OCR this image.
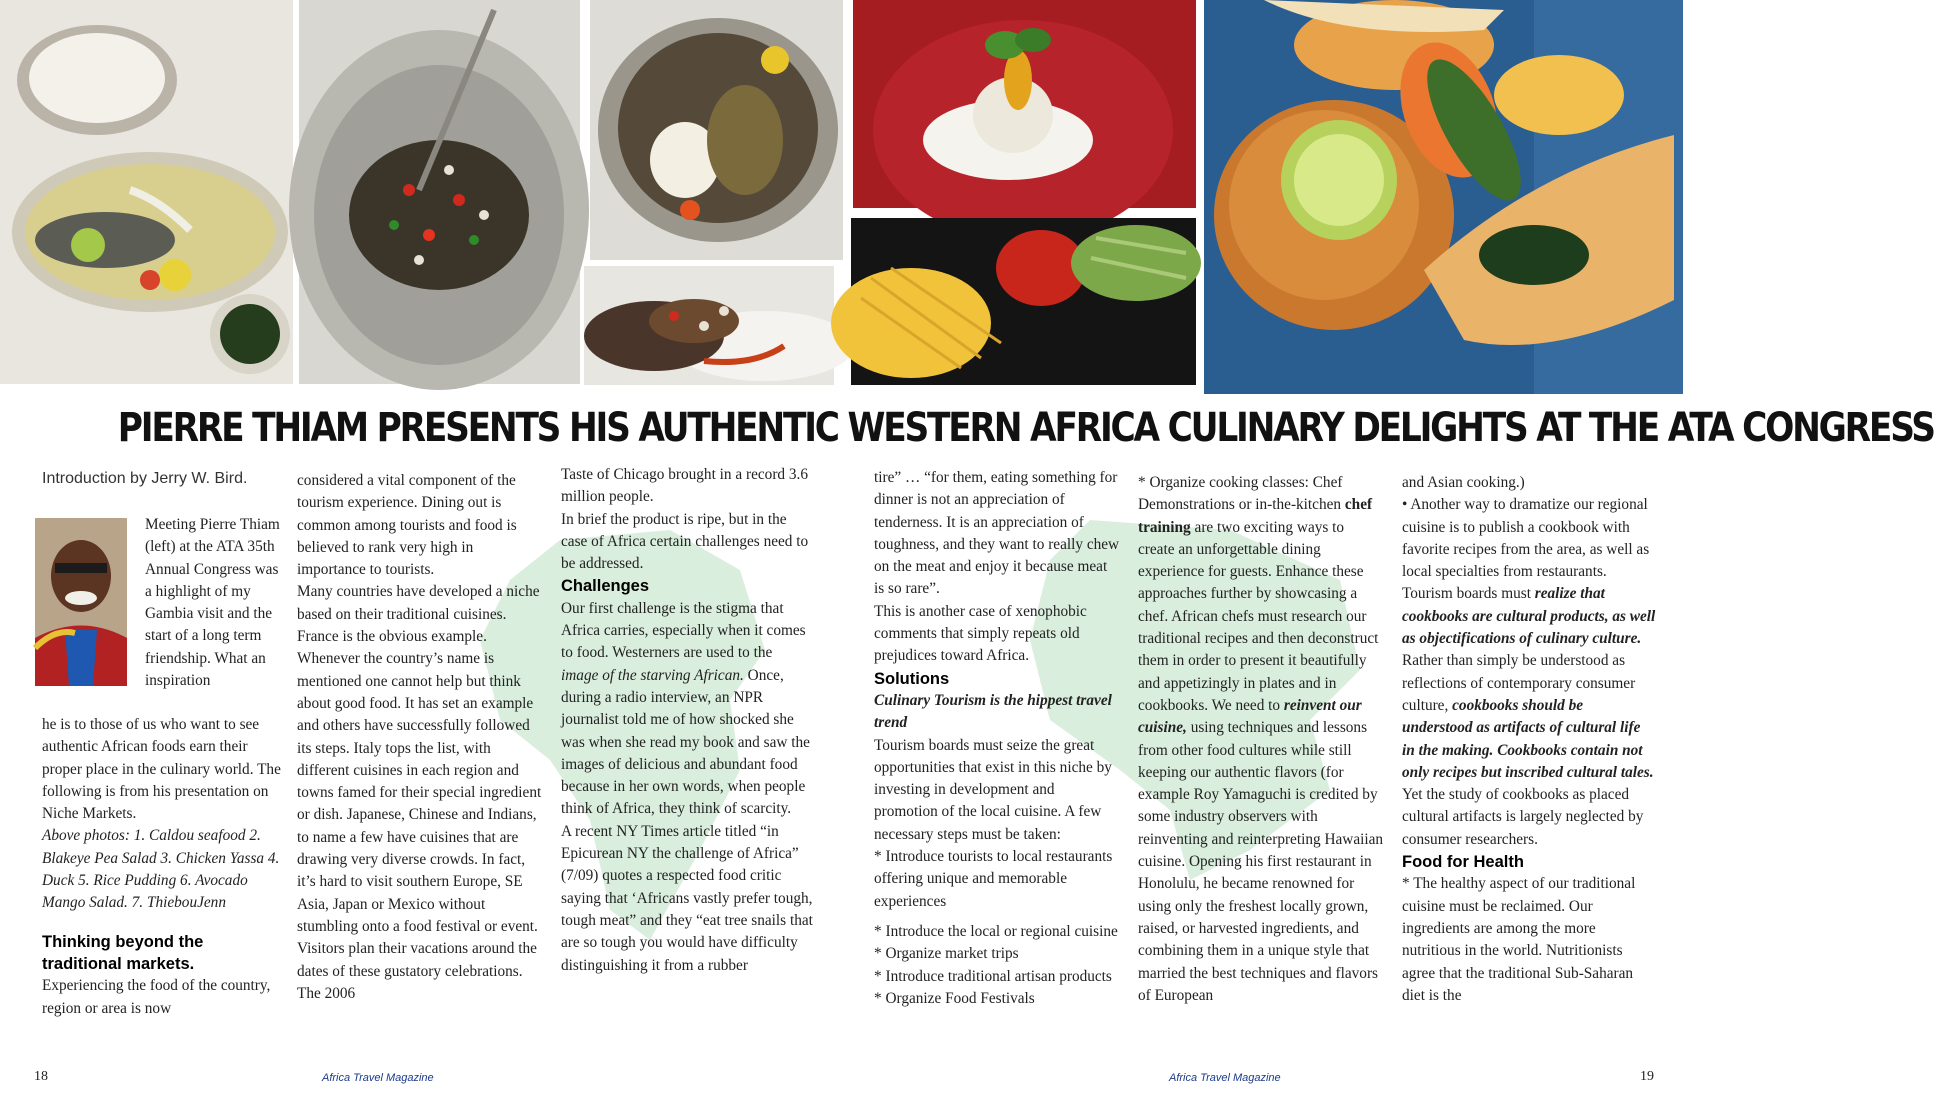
PIERRE THIAM PRESENTS HIS AUTHENTIC WESTERN AFRICA CULINARY DELIGHTS AT THE ATA CONGRESS

Introduction by Jerry W. Bird.

Meeting Pierre Thiam (left) at the ATA 35th Annual Congress was a highlight of my Gambia visit and the start of a long term friendship. What an inspiration

he is to those of us who want to see authentic African foods earn their proper place in the culinary world. The following is from his presentation on Niche Markets.

Above photos: 1. Caldou seafood 2. Blakeye Pea Salad 3. Chicken Yassa 4. Duck 5. Rice Pudding 6. Avocado Mango Salad. 7. ThiebouJenn

Thinking beyond the traditional markets.

Experiencing the food of the country, region or area is now

considered a vital component of the tourism experience. Dining out is common among tourists and food is believed to rank very high in importance to tourists.

Many countries have developed a niche based on their traditional cuisines.

France is the obvious example. Whenever the country’s name is mentioned one cannot help but think about good food. It has set an example and others have successfully followed its steps. Italy tops the list, with different cuisines in each region and towns famed for their special ingredient or dish. Japanese, Chinese and Indians, to name a few have cuisines that are drawing very diverse crowds. In fact, it’s hard to visit southern Europe, SE Asia, Japan or Mexico without stumbling onto a food festival or event. Visitors plan their vacations around the dates of these gustatory celebrations. The 2006

Taste of Chicago brought in a record 3.6 million people.

In brief the product is ripe, but in the case of Africa certain challenges need to be addressed.

Challenges

Our first challenge is the stigma that Africa carries, especially when it comes to food. Westerners are used to the image of the starving African. Once, during a radio interview, an NPR journalist told me of how shocked she was when she read my book and saw the images of delicious and abundant food because in her own words, when people think of Africa, they think of scarcity.

A recent NY Times article titled “in Epicurean NY the challenge of Africa” (7/09) quotes a respected food critic saying that ‘Africans vastly prefer tough, tough meat” and they “eat tree snails that are so tough you would have difficulty distinguishing it from a rubber

tire” … “for them, eating something for dinner is not an appreciation of tenderness. It is an appreciation of toughness, and they want to really chew on the meat and enjoy it because meat is so rare”.

This is another case of xenophobic comments that simply repeats old prejudices toward Africa.

Solutions

Culinary Tourism is the hippest travel trend

Tourism boards must seize the great opportunities that exist in this niche by investing in development and promotion of the local cuisine. A few necessary steps must be taken:

* Introduce tourists to local restaurants offering unique and memorable experiences

* Introduce the local or regional cuisine

* Organize market trips

* Introduce traditional artisan products

* Organize Food Festivals

* Organize cooking classes: Chef Demonstrations or in-the-kitchen chef training are two exciting ways to create an unforgettable dining experience for guests. Enhance these approaches further by showcasing a chef. African chefs must research our traditional recipes and then deconstruct them in order to present it beautifully and appetizingly in plates and in cookbooks. We need to reinvent our cuisine, using techniques and lessons from other food cultures while still keeping our authentic flavors (for example Roy Yamaguchi is credited by some industry observers with reinventing and reinterpreting Hawaiian cuisine. Opening his first restaurant in Honolulu, he became renowned for using only the freshest locally grown, raised, or harvested ingredients, and combining them in a unique style that married the best techniques and flavors of European

and Asian cooking.)

• Another way to dramatize our regional cuisine is to publish a cookbook with favorite recipes from the area, as well as local specialties from restaurants. Tourism boards must realize that cookbooks are cultural products, as well as objectifications of culinary culture. Rather than simply be understood as reflections of contemporary consumer culture, cookbooks should be understood as artifacts of cultural life in the making. Cookbooks contain not only recipes but inscribed cultural tales. Yet the study of cookbooks as placed cultural artifacts is largely neglected by consumer researchers.

Food for Health

* The healthy aspect of our traditional cuisine must be reclaimed. Our ingredients are among the more nutritious in the world. Nutritionists agree that the traditional Sub-Saharan diet is the

18	Africa Travel Magazine	Africa Travel Magazine	19
